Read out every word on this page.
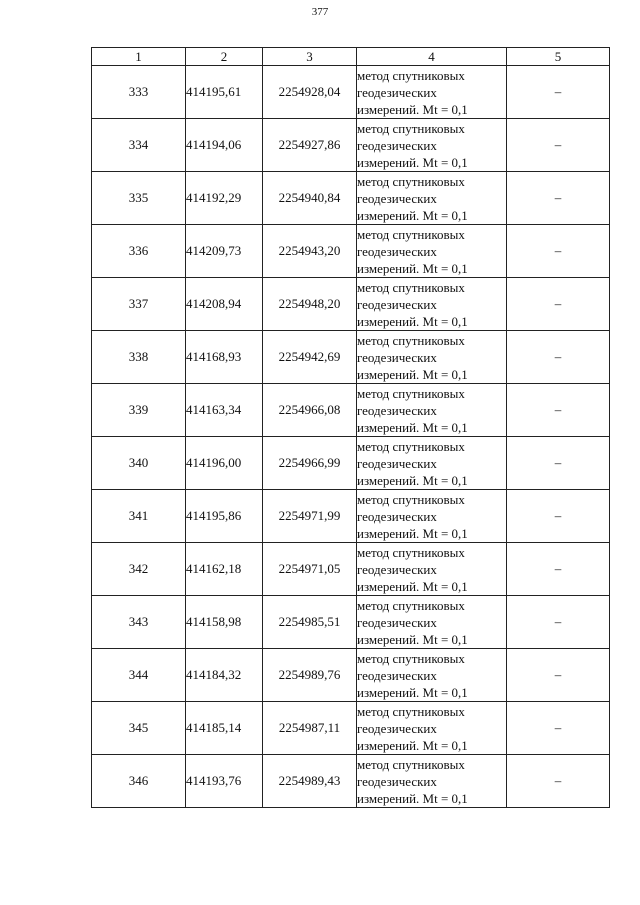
377
1	2	3	4	5
333	414195,61	2254928,04	метод спутниковых
геодезических
измерений. Mt = 0,1	–
334	414194,06	2254927,86	метод спутниковых
геодезических
измерений. Mt = 0,1	–
335	414192,29	2254940,84	метод спутниковых
геодезических
измерений. Mt = 0,1	–
336	414209,73	2254943,20	метод спутниковых
геодезических
измерений. Mt = 0,1	–
337	414208,94	2254948,20	метод спутниковых
геодезических
измерений. Mt = 0,1	–
338	414168,93	2254942,69	метод спутниковых
геодезических
измерений. Mt = 0,1	–
339	414163,34	2254966,08	метод спутниковых
геодезических
измерений. Mt = 0,1	–
340	414196,00	2254966,99	метод спутниковых
геодезических
измерений. Mt = 0,1	–
341	414195,86	2254971,99	метод спутниковых
геодезических
измерений. Mt = 0,1	–
342	414162,18	2254971,05	метод спутниковых
геодезических
измерений. Mt = 0,1	–
343	414158,98	2254985,51	метод спутниковых
геодезических
измерений. Mt = 0,1	–
344	414184,32	2254989,76	метод спутниковых
геодезических
измерений. Mt = 0,1	–
345	414185,14	2254987,11	метод спутниковых
геодезических
измерений. Mt = 0,1	–
346	414193,76	2254989,43	метод спутниковых
геодезических
измерений. Mt = 0,1	–
